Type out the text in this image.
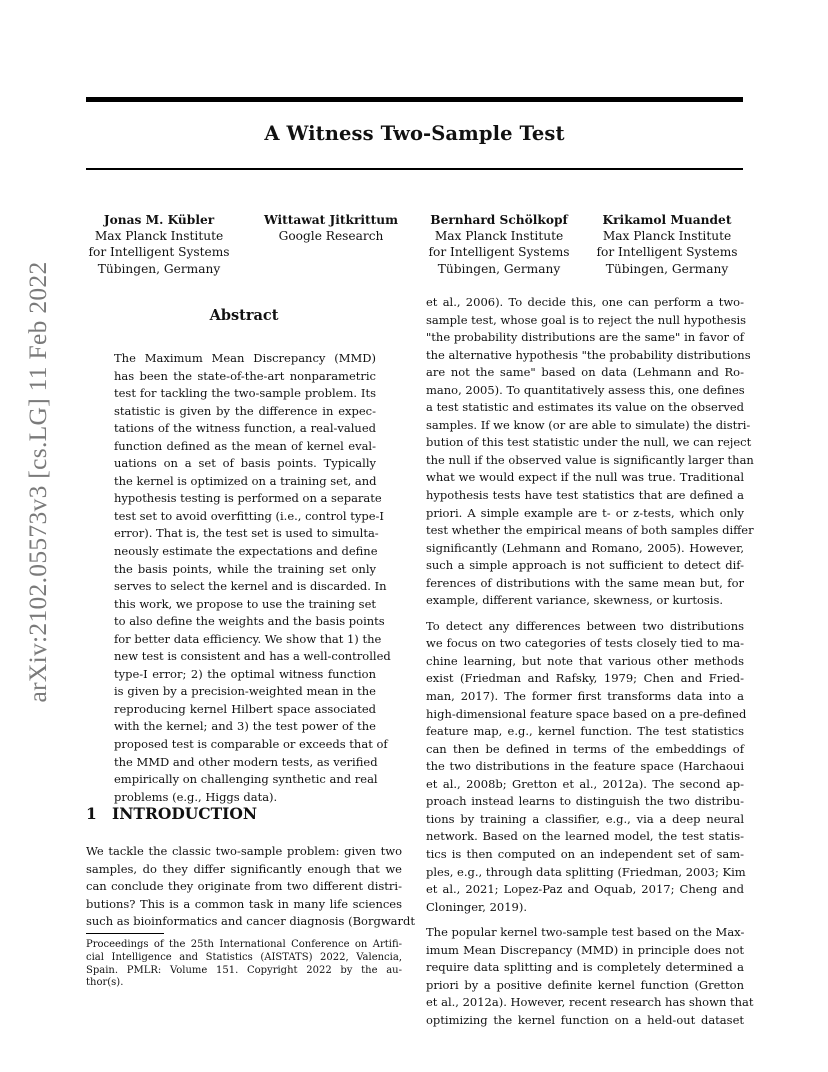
A Witness Two-Sample Test
Jonas M. Kübler
Max Planck Institute
for Intelligent Systems
Tübingen, Germany
Wittawat Jitkrittum
Google Research
Bernhard Schölkopf
Max Planck Institute
for Intelligent Systems
Tübingen, Germany
Krikamol Muandet
Max Planck Institute
for Intelligent Systems
Tübingen, Germany
arXiv:2102.05573v3 [cs.LG] 11 Feb 2022	Abstract
The Maximum Mean Discrepancy (MMD)
has been the state-of-the-art nonparametric
test for tackling the two-sample problem. Its
statistic is given by the difference in expec-
tations of the witness function, a real-valued
function defined as the mean of kernel eval-
uations on a set of basis points. Typically
the kernel is optimized on a training set, and
hypothesis testing is performed on a separate
test set to avoid overfitting (i.e., control type-I
error). That is, the test set is used to simulta-
neously estimate the expectations and define
the basis points, while the training set only
serves to select the kernel and is discarded. In
this work, we propose to use the training set
to also define the weights and the basis points
for better data efficiency. We show that 1) the
new test is consistent and has a well-controlled
type-I error; 2) the optimal witness function
is given by a precision-weighted mean in the
reproducing kernel Hilbert space associated
with the kernel; and 3) the test power of the
proposed test is comparable or exceeds that of
the MMD and other modern tests, as verified
empirically on challenging synthetic and real
problems (e.g., Higgs data).
1 INTRODUCTION
We tackle the classic two-sample problem: given two
samples, do they differ significantly enough that we
can conclude they originate from two different distri-
butions? This is a common task in many life sciences
such as bioinformatics and cancer diagnosis (Borgwardt
Proceedings of the 25th International Conference on Artifi-
cial Intelligence and Statistics (AISTATS) 2022, Valencia,
Spain. PMLR: Volume 151. Copyright 2022 by the au-
thor(s).
et al., 2006). To decide this, one can perform a two-
sample test, whose goal is to reject the null hypothesis
"the probability distributions are the same" in favor of
the alternative hypothesis "the probability distributions
are not the same" based on data (Lehmann and Ro-
mano, 2005). To quantitatively assess this, one defines
a test statistic and estimates its value on the observed
samples. If we know (or are able to simulate) the distri-
bution of this test statistic under the null, we can reject
the null if the observed value is significantly larger than
what we would expect if the null was true. Traditional
hypothesis tests have test statistics that are defined a
priori. A simple example are t- or z-tests, which only
test whether the empirical means of both samples differ
significantly (Lehmann and Romano, 2005). However,
such a simple approach is not sufficient to detect dif-
ferences of distributions with the same mean but, for
example, different variance, skewness, or kurtosis.
To detect any differences between two distributions
we focus on two categories of tests closely tied to ma-
chine learning, but note that various other methods
exist (Friedman and Rafsky, 1979; Chen and Fried-
man, 2017). The former first transforms data into a
high-dimensional feature space based on a pre-defined
feature map, e.g., kernel function. The test statistics
can then be defined in terms of the embeddings of
the two distributions in the feature space (Harchaoui
et al., 2008b; Gretton et al., 2012a). The second ap-
proach instead learns to distinguish the two distribu-
tions by training a classifier, e.g., via a deep neural
network. Based on the learned model, the test statis-
tics is then computed on an independent set of sam-
ples, e.g., through data splitting (Friedman, 2003; Kim
et al., 2021; Lopez-Paz and Oquab, 2017; Cheng and
Cloninger, 2019).
The popular kernel two-sample test based on the Max-
imum Mean Discrepancy (MMD) in principle does not
require data splitting and is completely determined a
priori by a positive definite kernel function (Gretton
et al., 2012a). However, recent research has shown that
optimizing the kernel function on a held-out dataset
